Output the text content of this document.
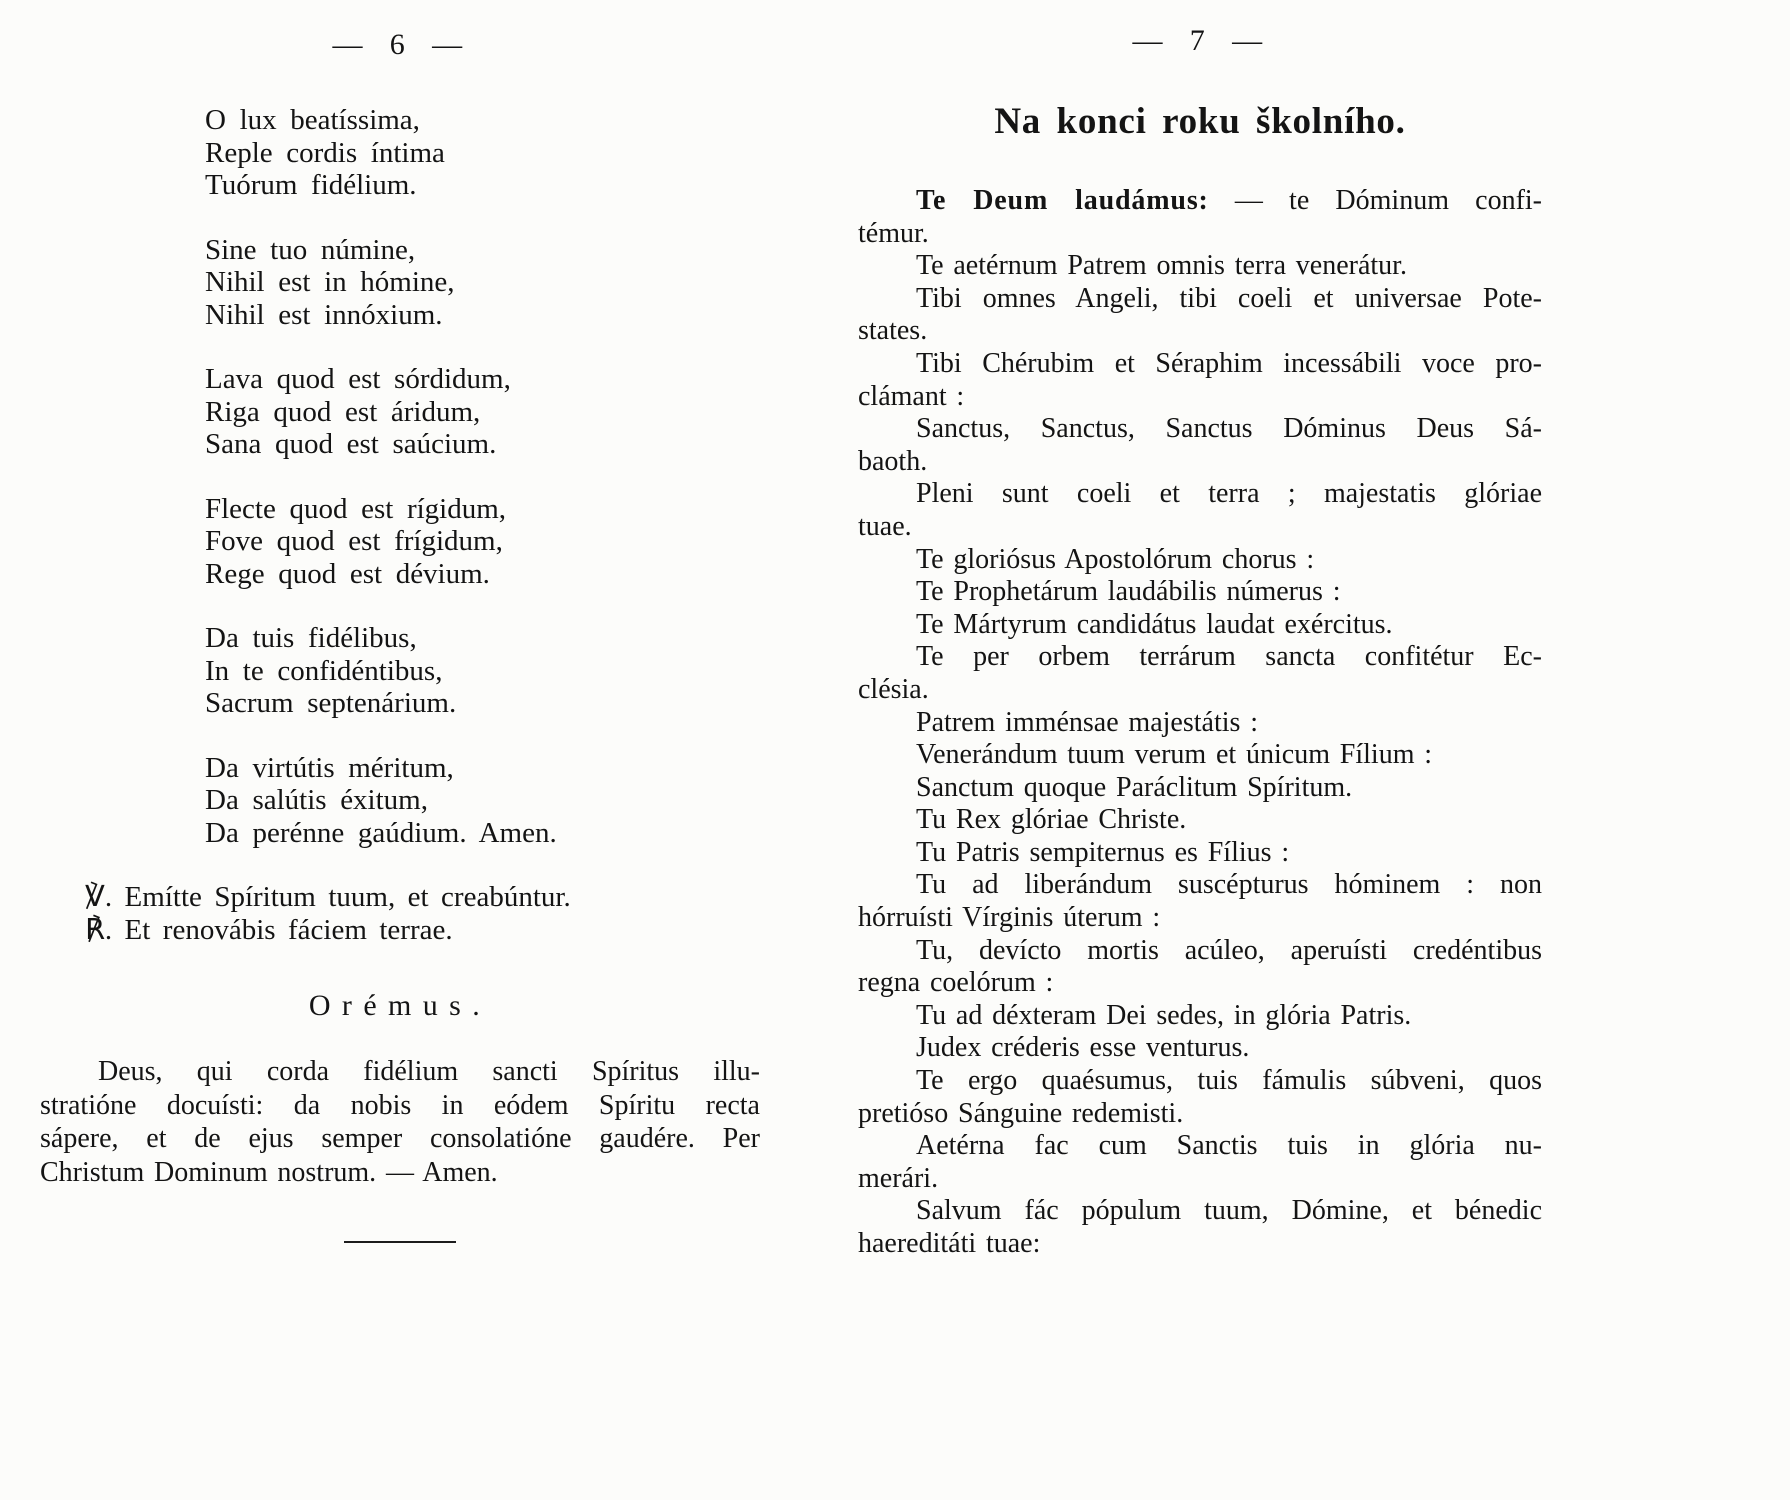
— 6 —
O lux beatíssima,
Reple cordis íntima
Tuórum fidélium.
Sine tuo númine,
Nihil est in hómine,
Nihil est innóxium.
Lava quod est sórdidum,
Riga quod est áridum,
Sana quod est saúcium.
Flecte quod est rígidum,
Fove quod est frígidum,
Rege quod est dévium.
Da tuis fidélibus,
In te confidéntibus,
Sacrum septenárium.
Da virtútis méritum,
Da salútis éxitum,
Da perénne gaúdium. Amen.
℣. Emítte Spíritum tuum, et creabúntur.
℟. Et renovábis fáciem terrae.
Orémus.
Deus, qui corda fidélium sancti Spíritus illu-
stratióne docuísti: da nobis in eódem Spíritu recta
sápere, et de ejus semper consolatióne gaudére. Per
Christum Dominum nostrum. — Amen.
— 7 —
Na konci roku školního.
Te Deum laudámus: — te Dóminum confi-
témur.
Te aetérnum Patrem omnis terra venerátur.
Tibi omnes Angeli, tibi coeli et universae Pote-
states.
Tibi Chérubim et Séraphim incessábili voce pro-
clámant :
Sanctus, Sanctus, Sanctus Dóminus Deus Sá-
baoth.
Pleni sunt coeli et terra ; majestatis glóriae
tuae.
Te gloriósus Apostolórum chorus :
Te Prophetárum laudábilis númerus :
Te Mártyrum candidátus laudat exércitus.
Te per orbem terrárum sancta confitétur Ec-
clésia.
Patrem imménsae majestátis :
Venerándum tuum verum et únicum Fílium :
Sanctum quoque Paráclitum Spíritum.
Tu Rex glóriae Christe.
Tu Patris sempiternus es Fílius :
Tu ad liberándum suscépturus hóminem : non
hórruísti Vírginis úterum :
Tu, devícto mortis acúleo, aperuísti credéntibus
regna coelórum :
Tu ad déxteram Dei sedes, in glória Patris.
Judex créderis esse venturus.
Te ergo quaésumus, tuis fámulis súbveni, quos
pretióso Sánguine redemisti.
Aetérna fac cum Sanctis tuis in glória nu-
merári.
Salvum fác pópulum tuum, Dómine, et bénedic
haereditáti tuae:
